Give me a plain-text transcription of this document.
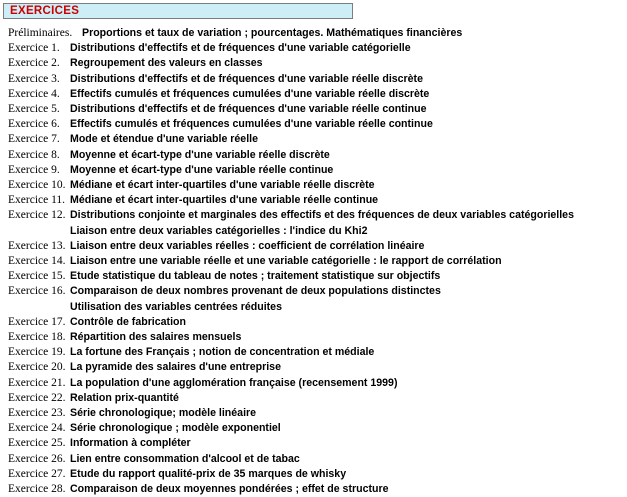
EXERCICES
Préliminaires. Proportions et taux de variation ; pourcentages. Mathématiques financières
Exercice 1. Distributions d'effectifs et de fréquences d'une variable catégorielle
Exercice 2. Regroupement des valeurs en classes
Exercice 3. Distributions d'effectifs et de fréquences d'une variable réelle discrète
Exercice 4. Effectifs cumulés et fréquences cumulées d'une variable réelle discrète
Exercice 5. Distributions d'effectifs et de fréquences d'une variable réelle continue
Exercice 6. Effectifs cumulés et fréquences cumulées d'une variable réelle continue
Exercice 7. Mode et étendue d'une variable réelle
Exercice 8. Moyenne et écart-type d'une variable réelle discrète
Exercice 9. Moyenne et écart-type d'une variable réelle continue
Exercice 10. Médiane et écart inter-quartiles d'une variable réelle discrète
Exercice 11. Médiane et écart inter-quartiles d'une variable réelle continue
Exercice 12. Distributions conjointe et marginales des effectifs et des fréquences de deux variables catégorielles
Liaison entre deux variables catégorielles : l'indice du Khi2
Exercice 13. Liaison entre deux variables réelles : coefficient de corrélation linéaire
Exercice 14. Liaison entre une variable réelle et une variable catégorielle : le rapport de corrélation
Exercice 15. Etude statistique du tableau de notes ; traitement statistique sur objectifs
Exercice 16. Comparaison de deux nombres provenant de deux populations distinctes
Utilisation des variables centrées réduites
Exercice 17. Contrôle de fabrication
Exercice 18. Répartition des salaires mensuels
Exercice 19. La fortune des Français ; notion de concentration et médiale
Exercice 20. La pyramide des salaires d'une entreprise
Exercice 21. La population d'une agglomération française (recensement 1999)
Exercice 22. Relation prix-quantité
Exercice 23. Série chronologique; modèle linéaire
Exercice 24. Série chronologique ; modèle exponentiel
Exercice 25. Information à compléter
Exercice 26. Lien entre consommation d'alcool et de tabac
Exercice 27. Etude du rapport qualité-prix de 35 marques de whisky
Exercice 28. Comparaison de deux moyennes pondérées ; effet de structure
